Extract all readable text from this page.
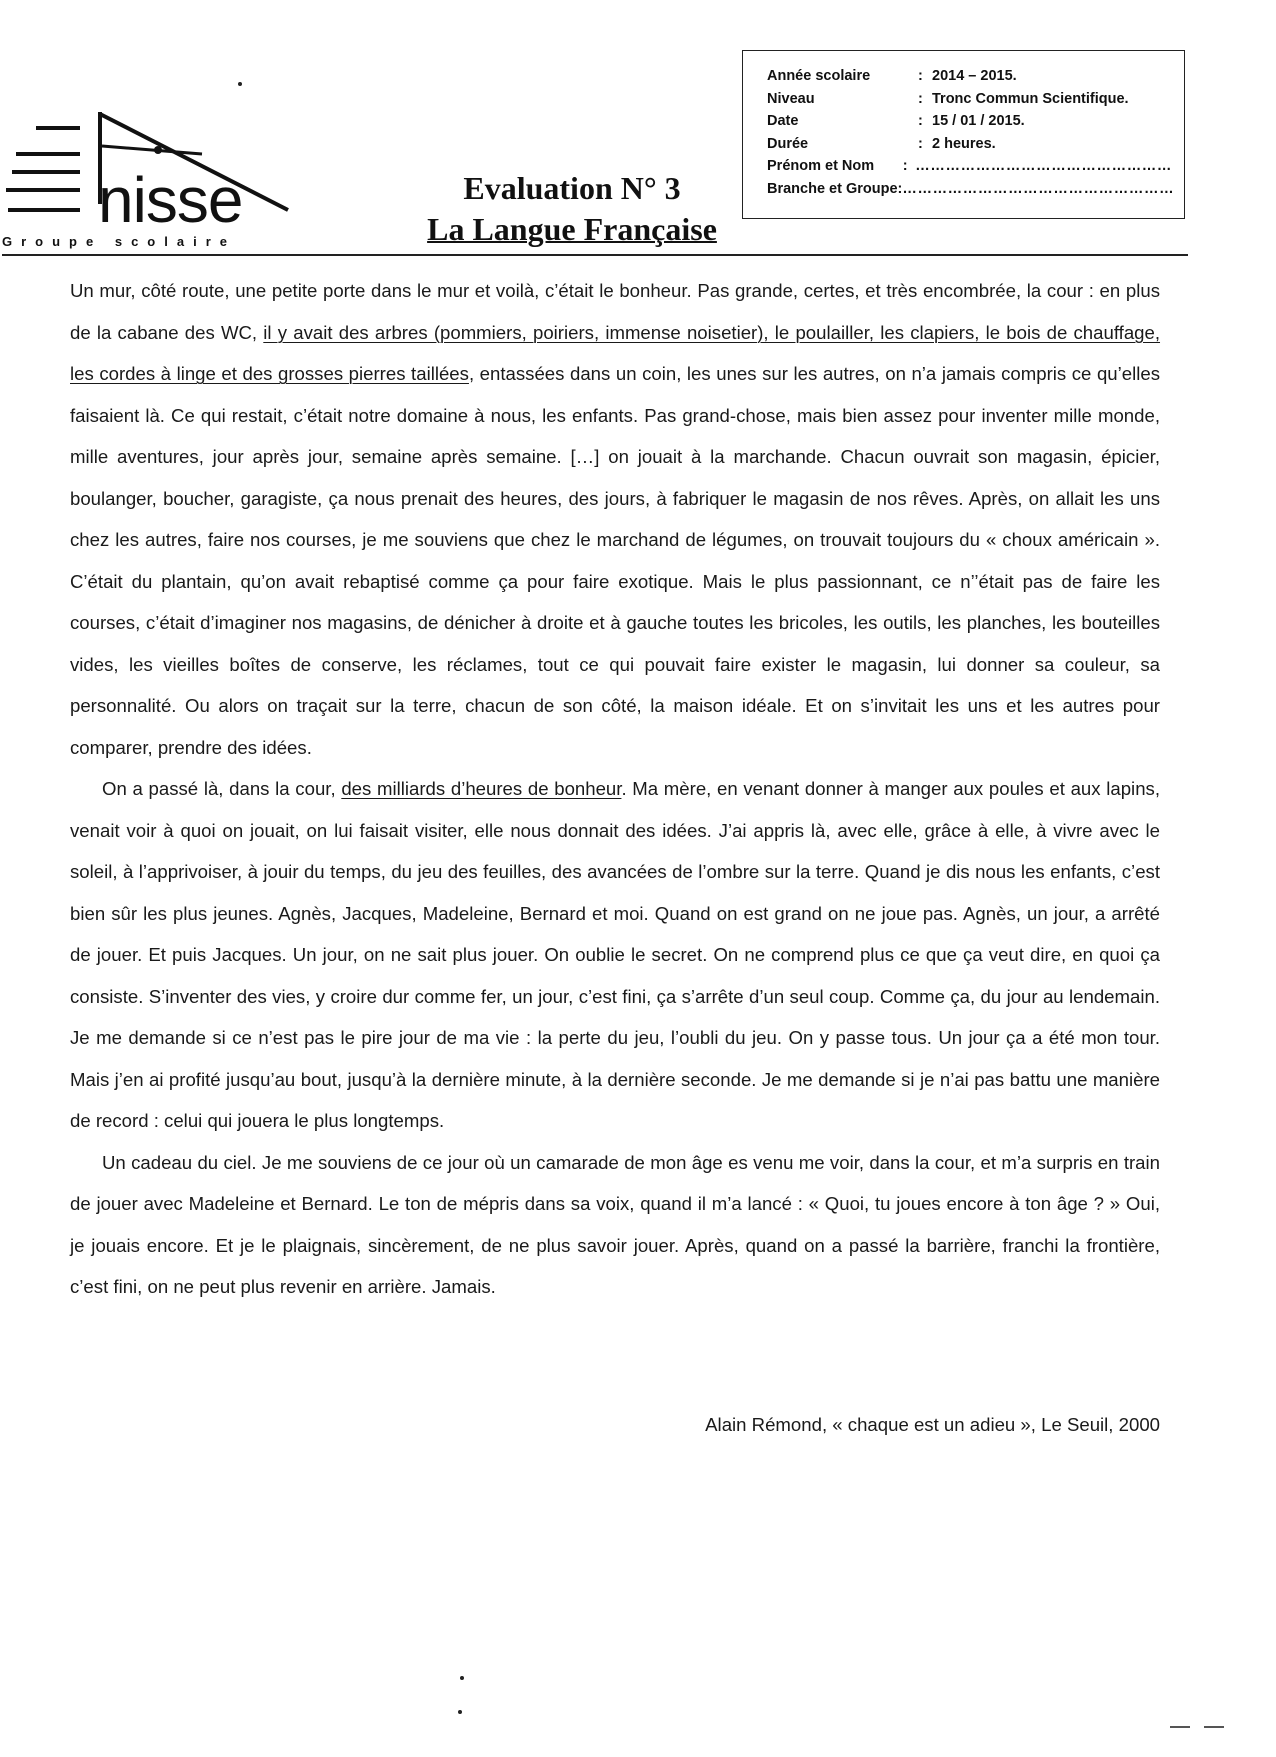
nisse
Groupe scolaire
Evaluation N° 3
La Langue Française
Année scolaire	: 2014 – 2015.
Niveau	: Tronc Commun Scientifique.
Date	: 15 / 01 / 2015.
Durée	: 2 heures.
Prénom et Nom	: ……………………………………………
Branche et Groupe : ………………………………………………

Un mur, côté route, une petite porte dans le mur et voilà, c’était le bonheur. Pas grande, certes, et très encombrée, la cour : en plus de la cabane des WC, il y avait des arbres (pommiers, poiriers, immense noisetier), le poulailler, les clapiers, le bois de chauffage, les cordes à linge et des grosses pierres taillées, entassées dans un coin, les unes sur les autres, on n’a jamais compris ce qu’elles faisaient là. Ce qui restait, c’était notre domaine à nous, les enfants. Pas grand-chose, mais bien assez pour inventer mille monde, mille aventures, jour après jour, semaine après semaine. […] on jouait à la marchande. Chacun ouvrait son magasin, épicier, boulanger, boucher, garagiste, ça nous prenait des heures, des jours, à fabriquer le magasin de nos rêves. Après, on allait les uns chez les autres, faire nos courses, je me souviens que chez le marchand de légumes, on trouvait toujours du « choux américain ». C’était du plantain, qu’on avait rebaptisé comme ça pour faire exotique. Mais le plus passionnant, ce n’’était pas de faire les courses, c’était d’imaginer nos magasins, de dénicher à droite et à gauche toutes les bricoles, les outils, les planches, les bouteilles vides, les vieilles boîtes de conserve, les réclames, tout ce qui pouvait faire exister le magasin, lui donner sa couleur, sa personnalité. Ou alors on traçait sur la terre, chacun de son côté, la maison idéale. Et on s’invitait les uns et les autres pour comparer, prendre des idées.

On a passé là, dans la cour, des milliards d’heures de bonheur. Ma mère, en venant donner à manger aux poules et aux lapins, venait voir à quoi on jouait, on lui faisait visiter, elle nous donnait des idées. J’ai appris là, avec elle, grâce à elle, à vivre avec le soleil, à l’apprivoiser, à jouir du temps, du jeu des feuilles, des avancées de l’ombre sur la terre. Quand je dis nous les enfants, c’est bien sûr les plus jeunes. Agnès, Jacques, Madeleine, Bernard et moi. Quand on est grand on ne joue pas. Agnès, un jour, a arrêté de jouer. Et puis Jacques. Un jour, on ne sait plus jouer. On oublie le secret. On ne comprend plus ce que ça veut dire, en quoi ça consiste. S’inventer des vies, y croire dur comme fer, un jour, c’est fini, ça s’arrête d’un seul coup. Comme ça, du jour au lendemain. Je me demande si ce n’est pas le pire jour de ma vie : la perte du jeu, l’oubli du jeu. On y passe tous. Un jour ça a été mon tour. Mais j’en ai profité jusqu’au bout, jusqu’à la dernière minute, à la dernière seconde. Je me demande si je n’ai pas battu une manière de record : celui qui jouera le plus longtemps.

Un cadeau du ciel. Je me souviens de ce jour où un camarade de mon âge es venu me voir, dans la cour, et m’a surpris en train de jouer avec Madeleine et Bernard. Le ton de mépris dans sa voix, quand il m’a lancé : « Quoi, tu joues encore à ton âge ? » Oui, je jouais encore. Et je le plaignais, sincèrement, de ne plus savoir jouer. Après, quand on a passé la barrière, franchi la frontière, c’est fini, on ne peut plus revenir en arrière. Jamais.

Alain Rémond, « chaque est un adieu », Le Seuil, 2000
